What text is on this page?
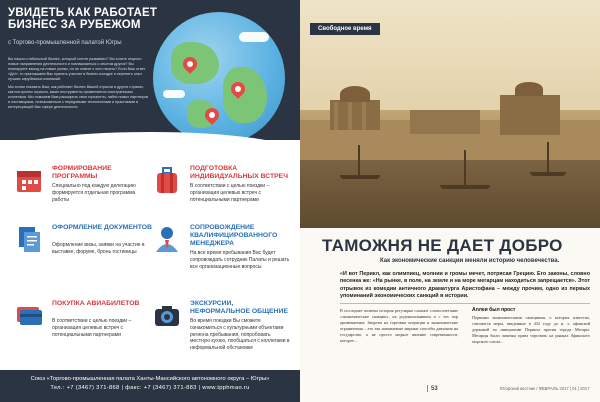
УВИДЕТЬ КАК РАБОТАЕТ
БИЗНЕС ЗА РУБЕЖОМ
с Торгово-промышленной палатой Югры

Вы нашли стабильный бизнес, который хотите развивать? Вы хотите открыть новые направления деятельности и познакомиться с опытом других? Вы планируете выход на новые рынки, но не знаете с чего начать? Если Ваш ответ «Да!», то приглашаем Вас принять участие в бизнес-поездке и перенять опыт лучших зарубежных компаний.

Мы хотим показать Вам, как работает бизнес Вашей отрасли в других странах, как построены отрасли, какие инструменты применяются иностранными коллегами. Мы поможем Вам расширить свои горизонты, найти новых партнеров и поставщиков, познакомиться с передовыми технологиями и практиками в интересующей Вас сфере деятельности.

ФОРМИРОВАНИЕ ПРОГРАММЫ
Специально под каждую делегацию формируется отдельная программа работы
ПОДГОТОВКА ИНДИВИДУАЛЬНЫХ ВСТРЕЧ
В соответствии с целью поездки – организация целевых встреч с потенциальными партнерами
ОФОРМЛЕНИЕ ДОКУМЕНТОВ
Оформление визы, заявки на участие в выставке, форуме, бронь гостиницы
СОПРОВОЖДЕНИЕ КВАЛИФИЦИРОВАННОГО МЕНЕДЖЕРА
На все время пребывания Вас будет сопровождать сотрудник Палаты и решать все организационные вопросы
ПОКУПКА АВИАБИЛЕТОВ
В соответствии с целью поездки – организация целевых встреч с потенциальными партнерами
ЭКСКУРСИИ, НЕФОРМАЛЬНОЕ ОБЩЕНИЕ
Во время поездки Вы сможете ознакомиться с культурными объектами региона пребывания, попробовать местную кухню, пообщаться с коллегами в неформальной обстановке
Союз «Торгово-промышленная палата Ханты-Мансийского автономного округа – Югры»
Тел.: +7 (3467) 371-868 | факс: +7 (3467) 371-883 | www.tpphmao.ru
Свободное время
ТАМОЖНЯ НЕ ДАЕТ ДОБРО
Как экономические санкции меняли историю человечества.
«И вот Перикл, как олимпиец, молнии и громы мечет, потрясая Грецию. Его законы, словно песенка же: «На рынке, в поле, на земле и на море мегарцам находиться запрещается». Этот отрывок из комедии античного драматурга Аристофана – между прочим, одно из первых упоминаний экономических санкций в истории.
В последнее полвека история регулярно слышит словосочетание «экономические санкции», их родоначальником и с тех пор применяемые. Запреты на торговые операции и экономические ограничения – это так называемые мирные способы давления на государство, а не просто модное явление современности, которое...
Аллеи был прост
Первыми экономическими санкциями, о которых известно, считаются меры, введенные в 432 году до н. э. афинской державой по инициативе Перикла против города Мегары. Мегарцы были лишены права торговать на рынках Афинского морского союза...
53	Югорский вестник / ФЕВРАЛЬ 2017 | 01 | 2017
